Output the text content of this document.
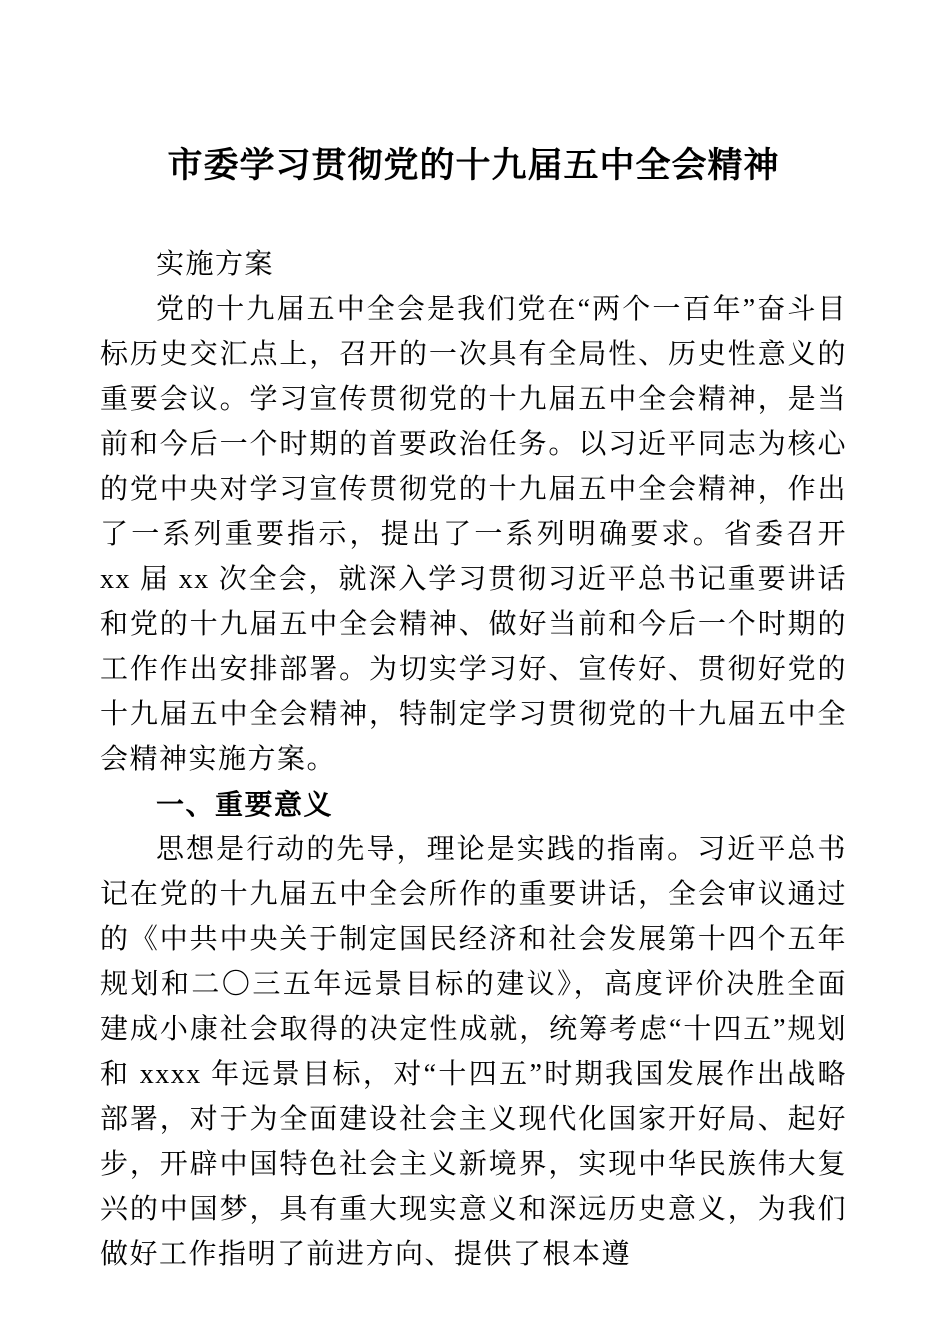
市委学习贯彻党的十九届五中全会精神

实施方案

党的十九届五中全会是我们党在“两个一百年”奋斗目标历史交汇点上，召开的一次具有全局性、历史性意义的重要会议。学习宣传贯彻党的十九届五中全会精神，是当前和今后一个时期的首要政治任务。以习近平同志为核心的党中央对学习宣传贯彻党的十九届五中全会精神，作出了一系列重要指示，提出了一系列明确要求。省委召开 xx 届 xx 次全会，就深入学习贯彻习近平总书记重要讲话和党的十九届五中全会精神、做好当前和今后一个时期的工作作出安排部署。为切实学习好、宣传好、贯彻好党的十九届五中全会精神，特制定学习贯彻党的十九届五中全会精神实施方案。

一、重要意义

思想是行动的先导，理论是实践的指南。习近平总书记在党的十九届五中全会所作的重要讲话，全会审议通过的《中共中央关于制定国民经济和社会发展第十四个五年规划和二〇三五年远景目标的建议》，高度评价决胜全面建成小康社会取得的决定性成就，统筹考虑“十四五”规划和 xxxx 年远景目标，对“十四五”时期我国发展作出战略部署，对于为全面建设社会主义现代化国家开好局、起好步，开辟中国特色社会主义新境界，实现中华民族伟大复兴的中国梦，具有重大现实意义和深远历史意义，为我们做好工作指明了前进方向、提供了根本遵
